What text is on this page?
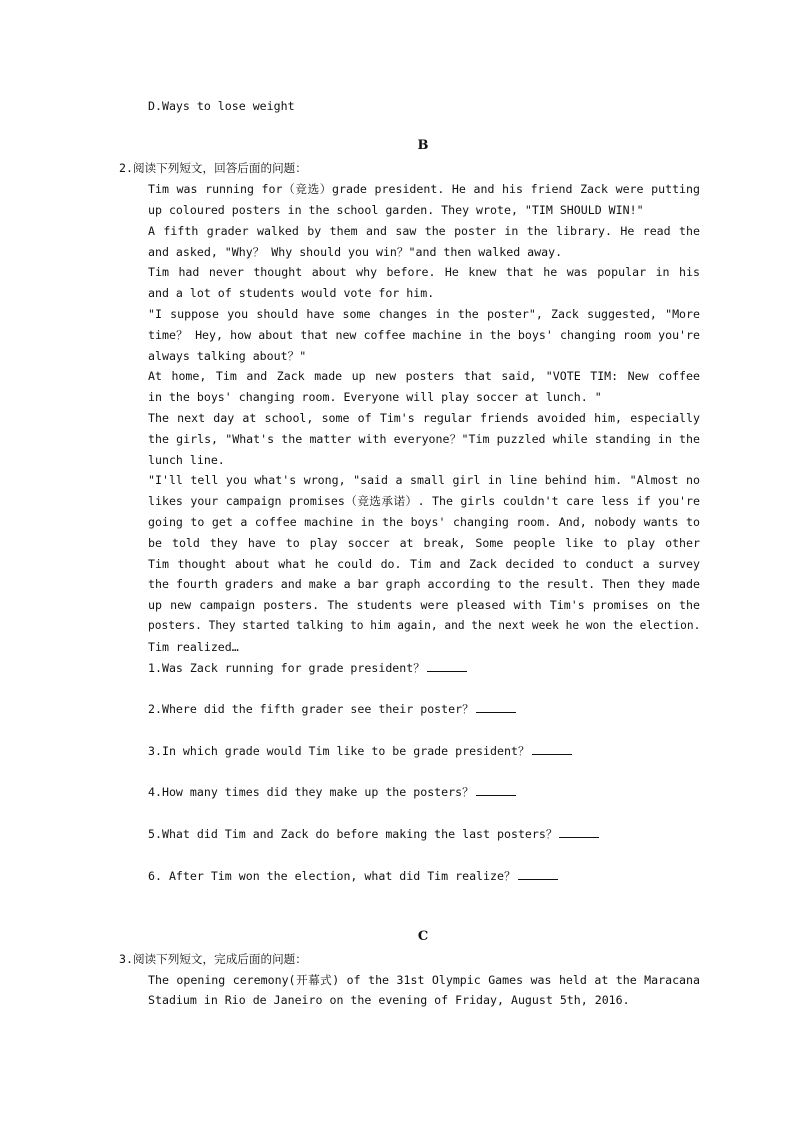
D.Ways to lose weight
B
2.阅读下列短文，回答后面的问题：
Tim was running for（竞选）grade president. He and his friend Zack were putting
up coloured posters in the school garden. They wrote, "TIM SHOULD WIN!"
A fifth grader walked by them and saw the poster in the library. He read the
and asked, "Why？ Why should you win？"and then walked away.
Tim had never thought about why before. He knew that he was popular in his
and a lot of students would vote for him.
"I suppose you should have some changes in the poster", Zack suggested, "More
time？ Hey, how about that new coffee machine in the boys' changing room you're
always talking about？"
At home, Tim and Zack made up new posters that said, "VOTE TIM: New coffee
in the boys' changing room. Everyone will play soccer at lunch. "
The next day at school, some of Tim's regular friends avoided him, especially
the girls, "What's the matter with everyone？"Tim puzzled while standing in the
lunch line.
"I'll tell you what's wrong, "said a small girl in line behind him. "Almost no
likes your campaign promises（竞选承诺）. The girls couldn't care less if you're
going to get a coffee machine in the boys' changing room. And, nobody wants to
be told they have to play soccer at break, Some people like to play other
Tim thought about what he could do. Tim and Zack decided to conduct a survey
the fourth graders and make a bar graph according to the result. Then they made
up new campaign posters. The students were pleased with Tim's promises on the
posters. They started talking to him again, and the next week he won the election.
Tim realized…
1.Was Zack running for grade president？
2.Where did the fifth grader see their poster？
3.In which grade would Tim like to be grade president？
4.How many times did they make up the posters？
5.What did Tim and Zack do before making the last posters？
6. After Tim won the election, what did Tim realize？
C
3.阅读下列短文，完成后面的问题：
The opening ceremony(开幕式) of the 31st Olympic Games was held at the Maracana
Stadium in Rio de Janeiro on the evening of Friday, August 5th, 2016.
